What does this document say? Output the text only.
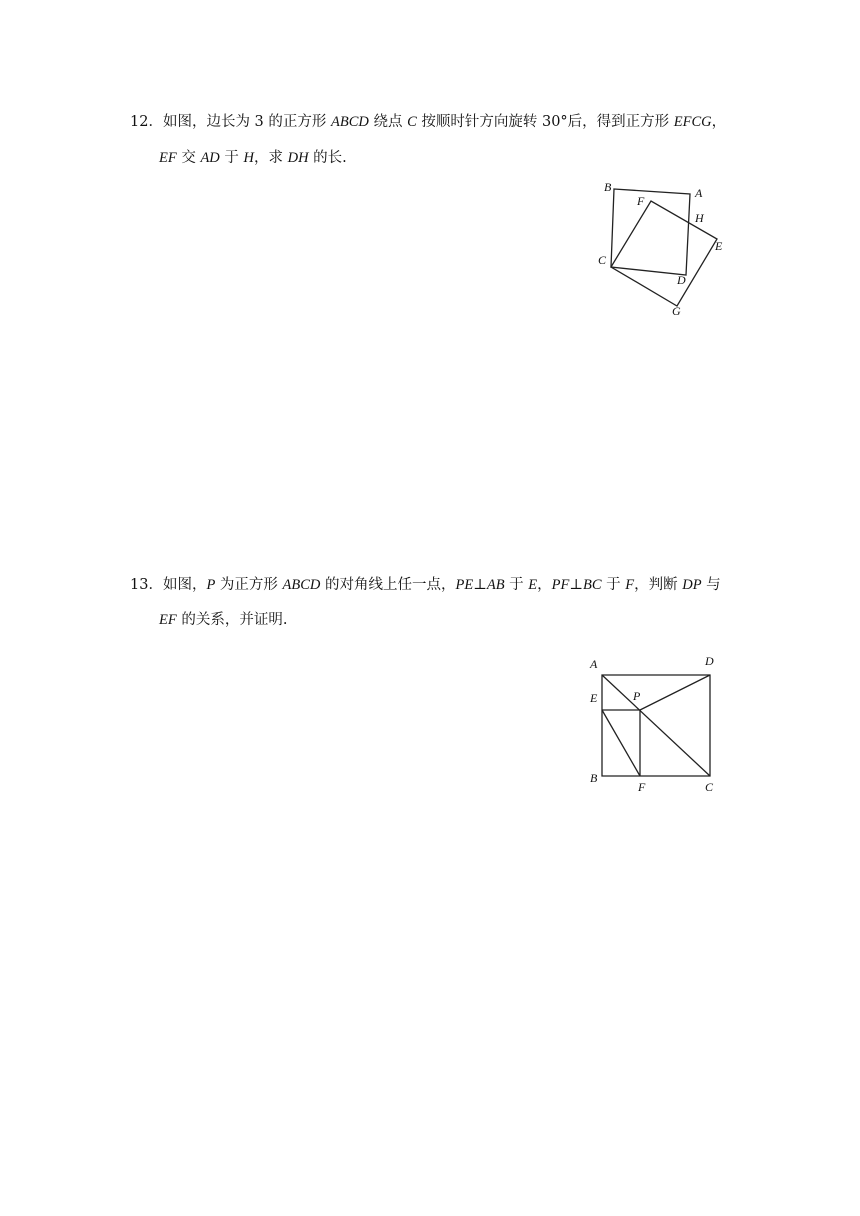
12．如图，边长为 3 的正方形 ABCD 绕点 C 按顺时针方向旋转 30°后，得到正方形 EFCG，
EF 交 AD 于 H，求 DH 的长.
B	A
F
H
C
E
D
G
13．如图，P 为正方形 ABCD 的对角线上任一点，PE⊥AB 于 E，PF⊥BC 于 F，判断 DP 与
EF 的关系，并证明.
A	D
E	P
B
F	C
